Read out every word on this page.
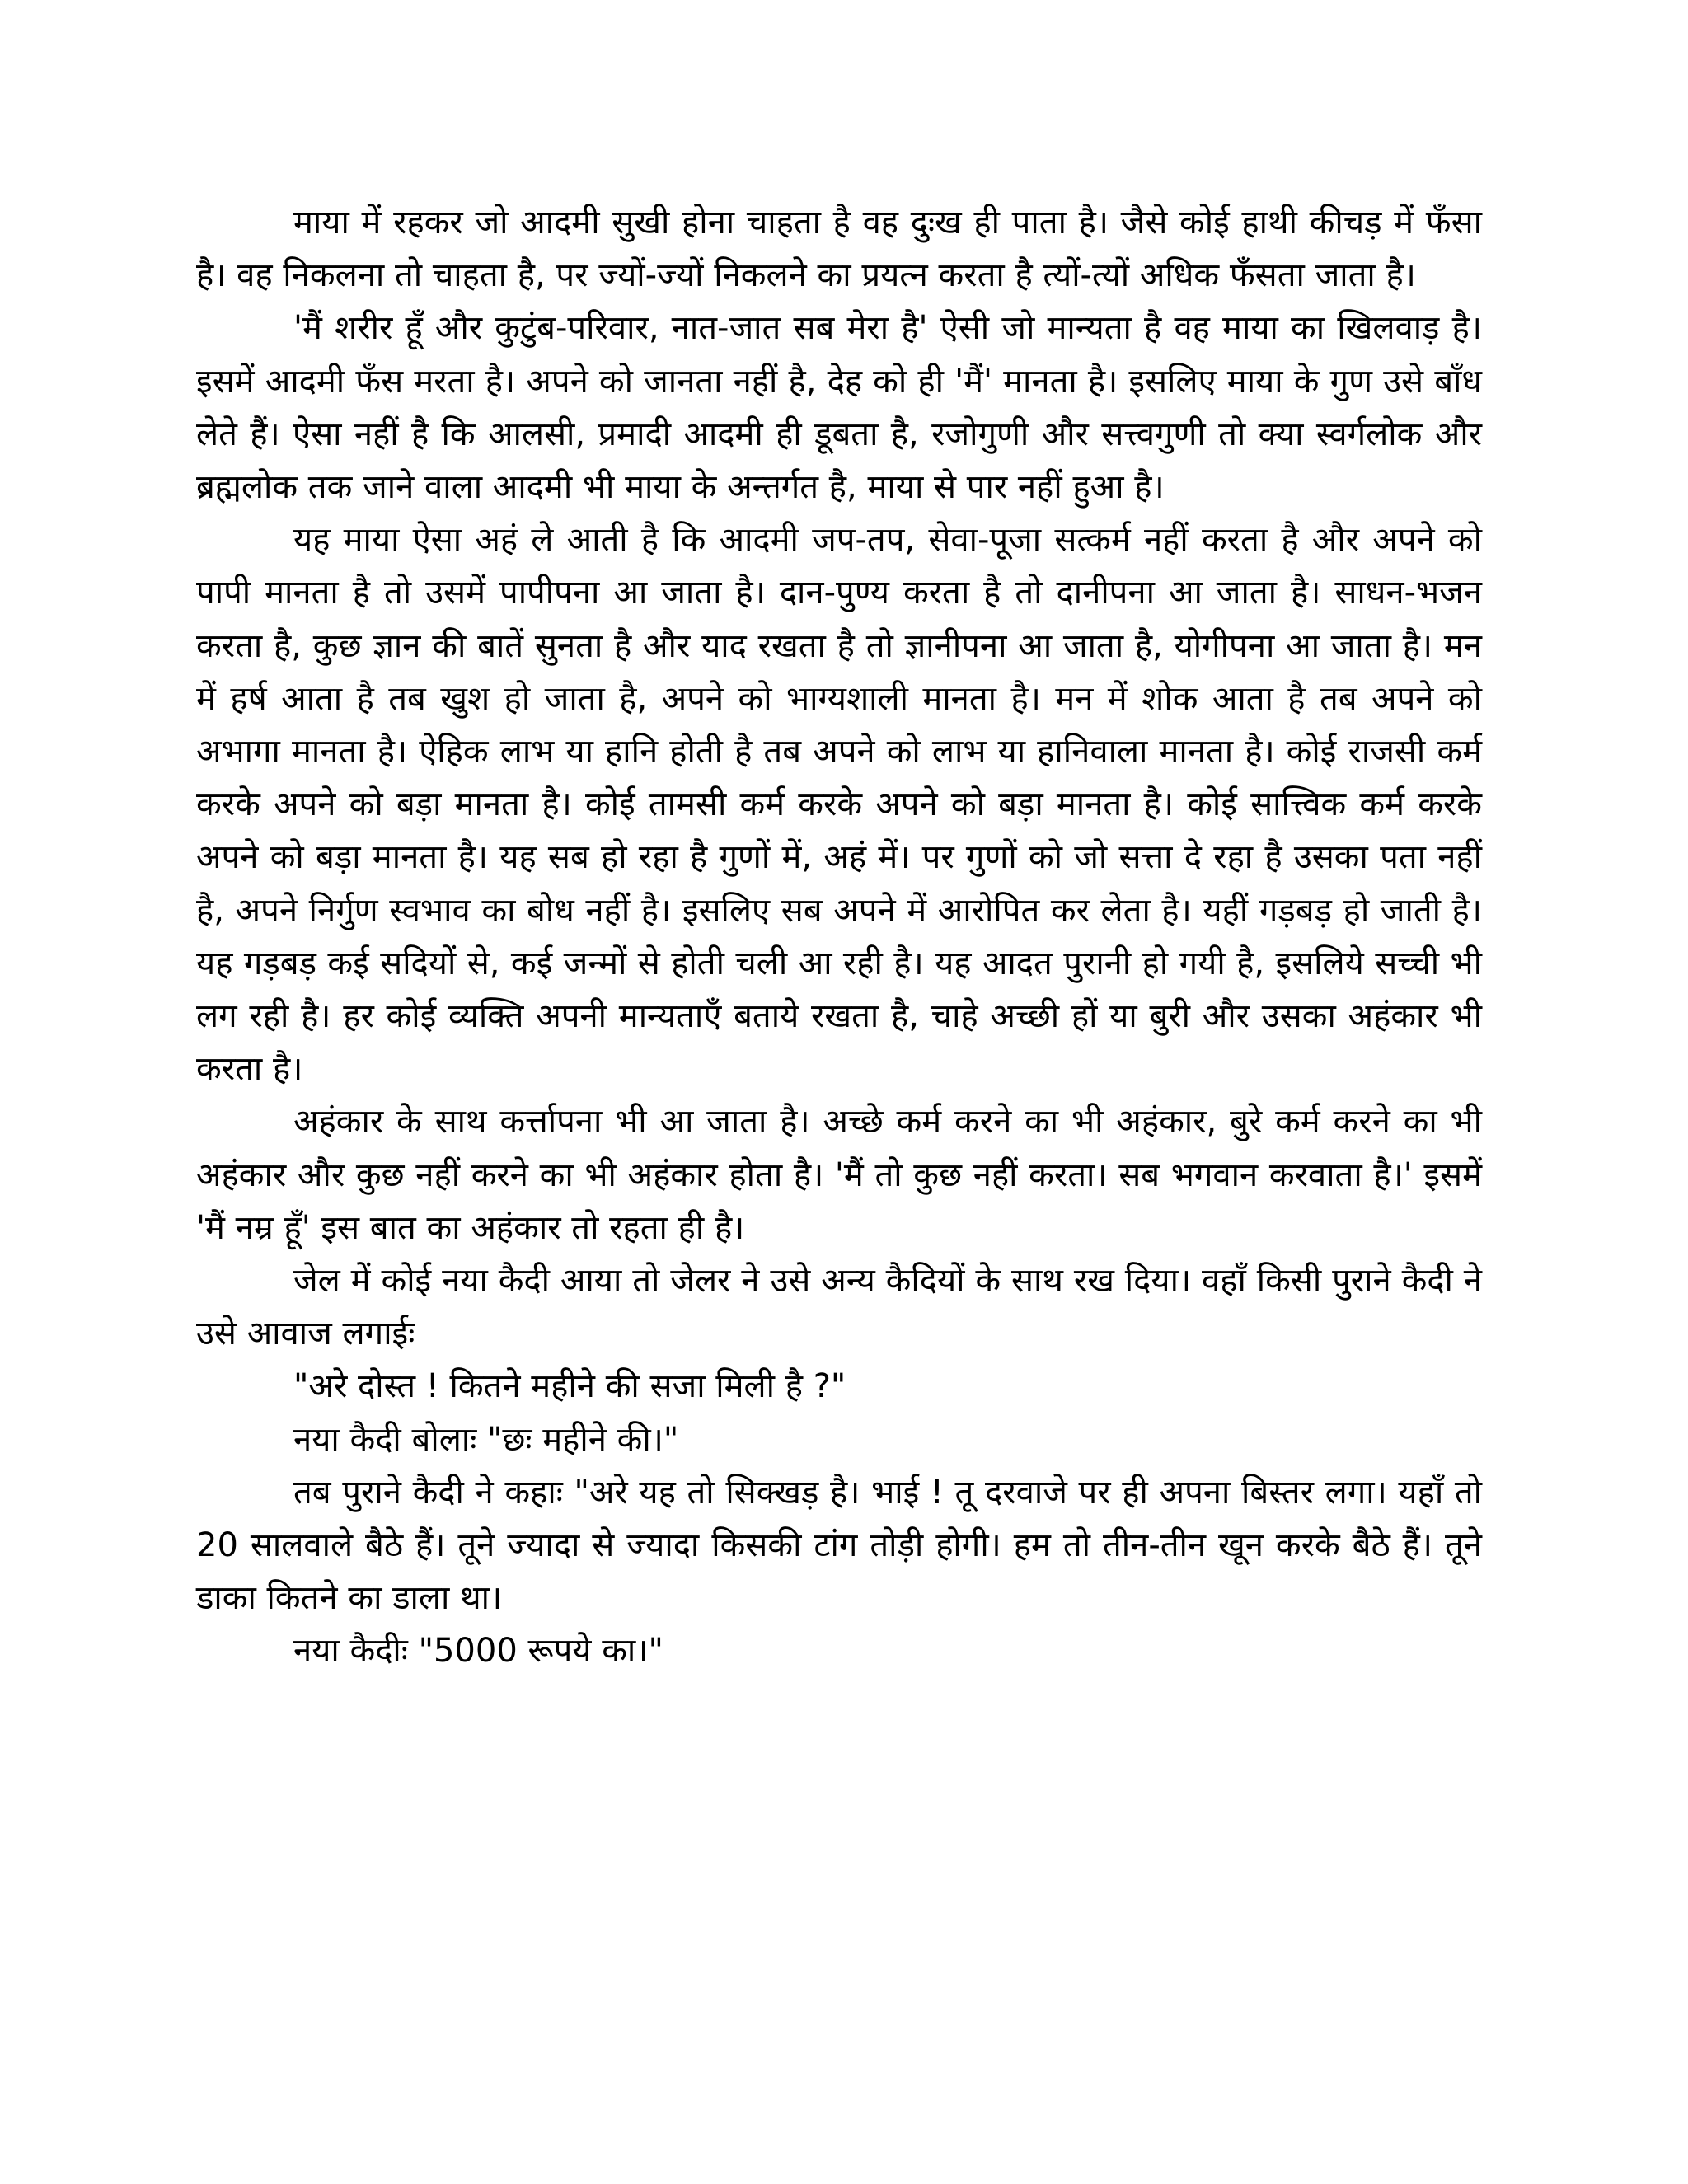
माया में रहकर जो आदमी सुखी होना चाहता है वह दुःख ही पाता है। जैसे कोई हाथी कीचड़ में फँसा है। वह निकलना तो चाहता है, पर ज्यों-ज्यों निकलने का प्रयत्न करता है त्यों-त्यों अधिक फँसता जाता है।

'मैं शरीर हूँ और कुटुंब-परिवार, नात-जात सब मेरा है' ऐसी जो मान्यता है वह माया का खिलवाड़ है। इसमें आदमी फँस मरता है। अपने को जानता नहीं है, देह को ही 'मैं' मानता है। इसलिए माया के गुण उसे बाँध लेते हैं। ऐसा नहीं है कि आलसी, प्रमादी आदमी ही डूबता है, रजोगुणी और सत्त्वगुणी तो क्या स्वर्गलोक और ब्रह्मलोक तक जाने वाला आदमी भी माया के अन्तर्गत है, माया से पार नहीं हुआ है।

यह माया ऐसा अहं ले आती है कि आदमी जप-तप, सेवा-पूजा सत्कर्म नहीं करता है और अपने को पापी मानता है तो उसमें पापीपना आ जाता है। दान-पुण्य करता है तो दानीपना आ जाता है। साधन-भजन करता है, कुछ ज्ञान की बातें सुनता है और याद रखता है तो ज्ञानीपना आ जाता है, योगीपना आ जाता है। मन में हर्ष आता है तब खुश हो जाता है, अपने को भाग्यशाली मानता है। मन में शोक आता है तब अपने को अभागा मानता है। ऐहिक लाभ या हानि होती है तब अपने को लाभ या हानिवाला मानता है। कोई राजसी कर्म करके अपने को बड़ा मानता है। कोई तामसी कर्म करके अपने को बड़ा मानता है। कोई सात्त्विक कर्म करके अपने को बड़ा मानता है। यह सब हो रहा है गुणों में, अहं में। पर गुणों को जो सत्ता दे रहा है उसका पता नहीं है, अपने निर्गुण स्वभाव का बोध नहीं है। इसलिए सब अपने में आरोपित कर लेता है। यहीं गड़बड़ हो जाती है। यह गड़बड़ कई सदियों से, कई जन्मों से होती चली आ रही है। यह आदत पुरानी हो गयी है, इसलिये सच्ची भी लग रही है। हर कोई व्यक्ति अपनी मान्यताएँ बताये रखता है, चाहे अच्छी हों या बुरी और उसका अहंकार भी करता है।

अहंकार के साथ कर्त्तापना भी आ जाता है। अच्छे कर्म करने का भी अहंकार, बुरे कर्म करने का भी अहंकार और कुछ नहीं करने का भी अहंकार होता है। 'मैं तो कुछ नहीं करता। सब भगवान करवाता है।' इसमें 'मैं नम्र हूँ' इस बात का अहंकार तो रहता ही है।

जेल में कोई नया कैदी आया तो जेलर ने उसे अन्य कैदियों के साथ रख दिया। वहाँ किसी पुराने कैदी ने उसे आवाज लगाईः

"अरे दोस्त ! कितने महीने की सजा मिली है ?"

नया कैदी बोलाः "छः महीने की।"

तब पुराने कैदी ने कहाः "अरे यह तो सिक्खड़ है। भाई ! तू दरवाजे पर ही अपना बिस्तर लगा। यहाँ तो 20 सालवाले बैठे हैं। तूने ज्यादा से ज्यादा किसकी टांग तोड़ी होगी। हम तो तीन-तीन खून करके बैठे हैं। तूने डाका कितने का डाला था।

नया कैदीः "5000 रूपये का।"
